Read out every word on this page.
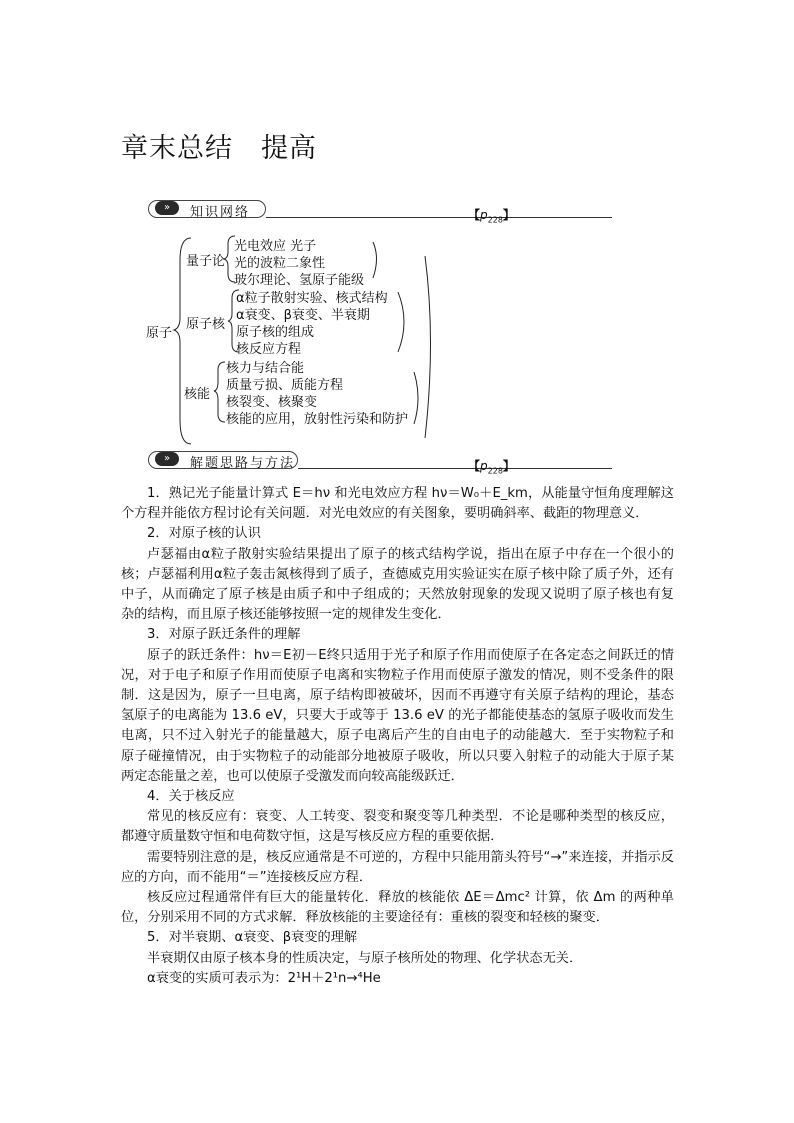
章末总结　提高
»	知识网络	【$p_{228}$】
原子
量子论
光电效应 光子
光的波粒二象性
玻尔理论、氢原子能级
原子核
α粒子散射实验、核式结构
α衰变、β衰变、半衰期
原子核的组成
核反应方程
核能
核力与结合能
质量亏损、质能方程
核裂变、核聚变
核能的应用，放射性污染和防护
»	解题思路与方法	【$p_{228}$】

1．熟记光子能量计算式 E＝hν 和光电效应方程 hν＝W₀＋E_km，从能量守恒角度理解这个方程并能依方程讨论有关问题．对光电效应的有关图象，要明确斜率、截距的物理意义．

2．对原子核的认识

卢瑟福由α粒子散射实验结果提出了原子的核式结构学说，指出在原子中存在一个很小的核；卢瑟福利用α粒子轰击氮核得到了质子，查德威克用实验证实在原子核中除了质子外，还有中子，从而确定了原子核是由质子和中子组成的；天然放射现象的发现又说明了原子核也有复杂的结构，而且原子核还能够按照一定的规律发生变化．

3．对原子跃迁条件的理解

原子的跃迁条件：hν＝E初－E终只适用于光子和原子作用而使原子在各定态之间跃迁的情况，对于电子和原子作用而使原子电离和实物粒子作用而使原子激发的情况，则不受条件的限制．这是因为，原子一旦电离，原子结构即被破坏，因而不再遵守有关原子结构的理论，基态氢原子的电离能为 13.6 eV，只要大于或等于 13.6 eV 的光子都能使基态的氢原子吸收而发生电离，只不过入射光子的能量越大，原子电离后产生的自由电子的动能越大．至于实物粒子和原子碰撞情况，由于实物粒子的动能部分地被原子吸收，所以只要入射粒子的动能大于原子某两定态能量之差，也可以使原子受激发而向较高能级跃迁．

4．关于核反应

常见的核反应有：衰变、人工转变、裂变和聚变等几种类型．不论是哪种类型的核反应，都遵守质量数守恒和电荷数守恒，这是写核反应方程的重要依据．

需要特别注意的是，核反应通常是不可逆的，方程中只能用箭头符号“→”来连接，并指示反应的方向，而不能用“＝”连接核反应方程．

核反应过程通常伴有巨大的能量转化．释放的核能依 ΔE＝Δmc² 计算，依 Δm 的两种单位，分别采用不同的方式求解．释放核能的主要途径有：重核的裂变和轻核的聚变．

5．对半衰期、α衰变、β衰变的理解

半衰期仅由原子核本身的性质决定，与原子核所处的物理、化学状态无关．

α衰变的实质可表示为：2¹H＋2¹n→⁴He
